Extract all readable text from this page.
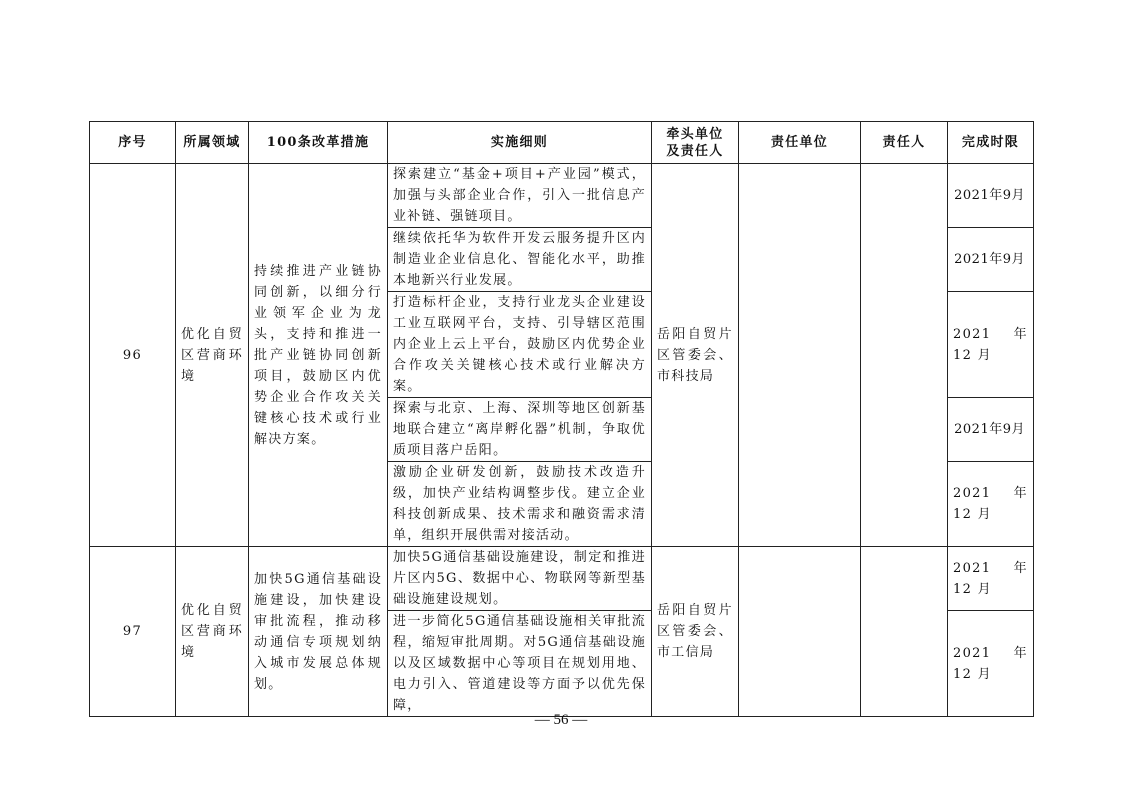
序号	所属领域	100条改革措施	实施细则	牵头单位及责任人	责任单位	责任人	完成时限
96	优化自贸区营商环境	持续推进产业链协同创新，以细分行业领军企业为龙头，支持和推进一批产业链协同创新项目，鼓励区内优势企业合作攻关关键核心技术或行业解决方案。	探索建立“基金+项目+产业园”模式，加强与头部企业合作，引入一批信息产业补链、强链项目。	岳阳自贸片区管委会、市科技局			2021年9月
			继续依托华为软件开发云服务提升区内制造业企业信息化、智能化水平，助推本地新兴行业发展。				2021年9月
			打造标杆企业，支持行业龙头企业建设工业互联网平台，支持、引导辖区范围内企业上云上平台，鼓励区内优势企业合作攻关关键核心技术或行业解决方案。				2021 年 12 月
			探索与北京、上海、深圳等地区创新基地联合建立“离岸孵化器”机制，争取优质项目落户岳阳。				2021年9月
			激励企业研发创新，鼓励技术改造升级，加快产业结构调整步伐。建立企业科技创新成果、技术需求和融资需求清单，组织开展供需对接活动。				2021 年 12 月
97	优化自贸区营商环境	加快5G通信基础设施建设，加快建设审批流程，推动移动通信专项规划纳入城市发展总体规划。	加快5G通信基础设施建设，制定和推进片区内5G、数据中心、物联网等新型基础设施建设规划。	岳阳自贸片区管委会、市工信局			2021 年 12 月
			进一步简化5G通信基础设施相关审批流程，缩短审批周期。对5G通信基础设施以及区域数据中心等项目在规划用地、电力引入、管道建设等方面予以优先保障，				2021 年 12 月
— 56 —
